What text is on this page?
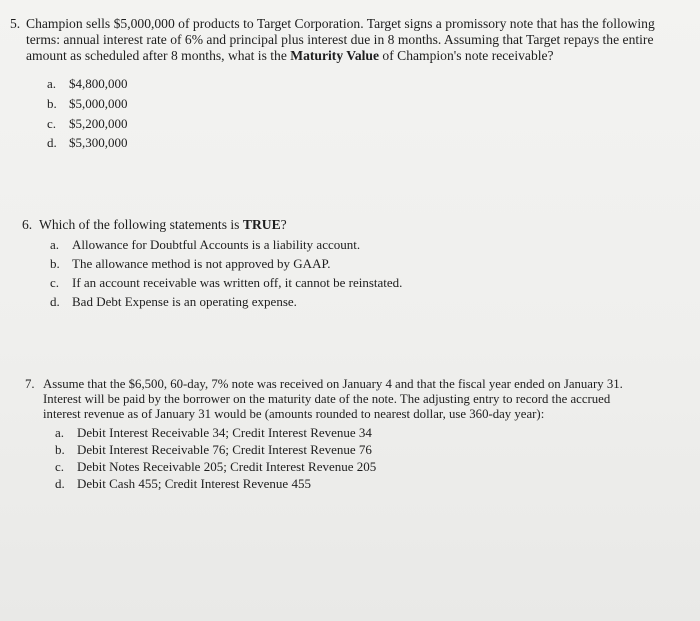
5. Champion sells $5,000,000 of products to Target Corporation. Target signs a promissory note that has the following
terms: annual interest rate of 6% and principal plus interest due in 8 months. Assuming that Target repays the entire
amount as scheduled after 8 months, what is the Maturity Value of Champion's note receivable?
a. $4,800,000
b. $5,000,000
c. $5,200,000
d. $5,300,000
6. Which of the following statements is TRUE?
a. Allowance for Doubtful Accounts is a liability account.
b. The allowance method is not approved by GAAP.
c. If an account receivable was written off, it cannot be reinstated.
d. Bad Debt Expense is an operating expense.
7. Assume that the $6,500, 60-day, 7% note was received on January 4 and that the fiscal year ended on January 31.
Interest will be paid by the borrower on the maturity date of the note. The adjusting entry to record the accrued
interest revenue as of January 31 would be (amounts rounded to nearest dollar, use 360-day year):
a. Debit Interest Receivable 34; Credit Interest Revenue 34
b. Debit Interest Receivable 76; Credit Interest Revenue 76
c. Debit Notes Receivable 205; Credit Interest Revenue 205
d. Debit Cash 455; Credit Interest Revenue 455
